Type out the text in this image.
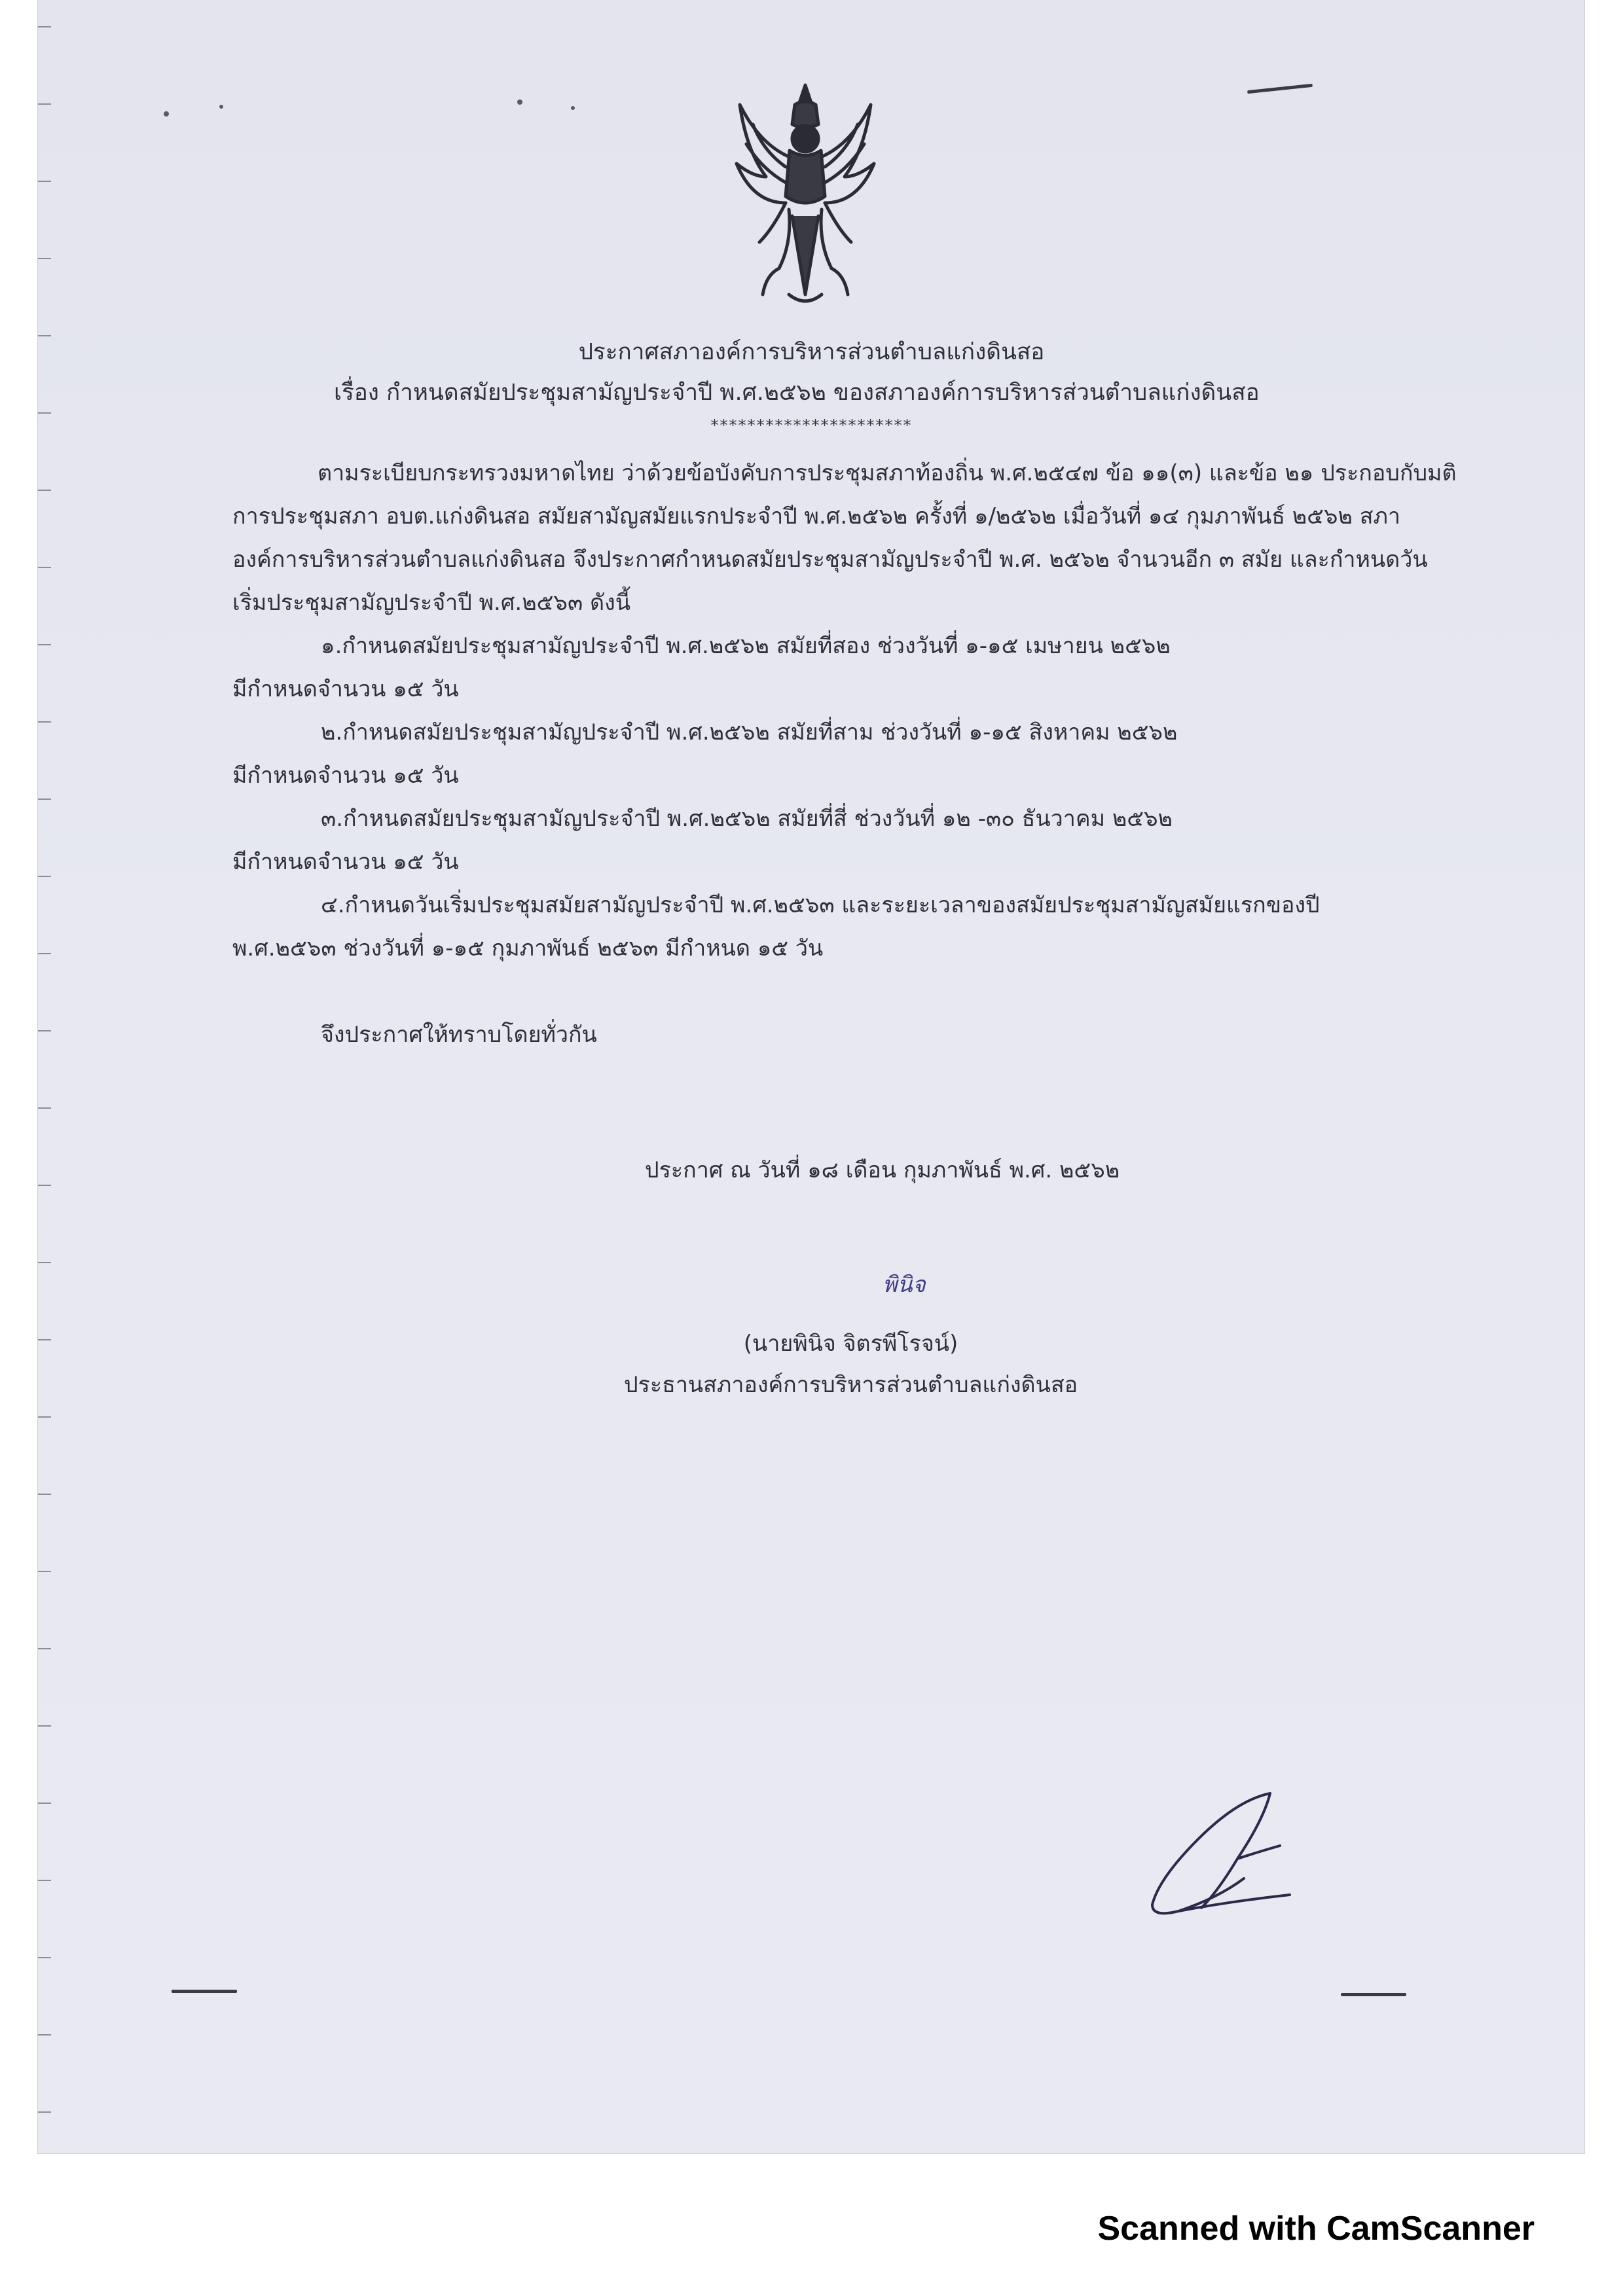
ประกาศสภาองค์การบริหารส่วนตำบลแก่งดินสอ
เรื่อง กำหนดสมัยประชุมสามัญประจำปี พ.ศ.๒๕๖๒ ของสภาองค์การบริหารส่วนตำบลแก่งดินสอ
**********************

ตามระเบียบกระทรวงมหาดไทย ว่าด้วยข้อบังคับการประชุมสภาท้องถิ่น พ.ศ.๒๕๔๗ ข้อ ๑๑(๓) และข้อ ๒๑ ประกอบกับมติการประชุมสภา อบต.แก่งดินสอ สมัยสามัญสมัยแรกประจำปี พ.ศ.๒๕๖๒ ครั้งที่ ๑/๒๕๖๒ เมื่อวันที่ ๑๔ กุมภาพันธ์ ๒๕๖๒ สภาองค์การบริหารส่วนตำบลแก่งดินสอ จึงประกาศกำหนดสมัยประชุมสามัญประจำปี พ.ศ. ๒๕๖๒ จำนวนอีก ๓ สมัย และกำหนดวันเริ่มประชุมสามัญประจำปี พ.ศ.๒๕๖๓ ดังนี้

๑.กำหนดสมัยประชุมสามัญประจำปี พ.ศ.๒๕๖๒ สมัยที่สอง ช่วงวันที่ ๑-๑๕ เมษายน ๒๕๖๒

มีกำหนดจำนวน ๑๕ วัน

๒.กำหนดสมัยประชุมสามัญประจำปี พ.ศ.๒๕๖๒ สมัยที่สาม ช่วงวันที่ ๑-๑๕ สิงหาคม ๒๕๖๒

มีกำหนดจำนวน ๑๕ วัน

๓.กำหนดสมัยประชุมสามัญประจำปี พ.ศ.๒๕๖๒ สมัยที่สี่ ช่วงวันที่ ๑๒ -๓๐ ธันวาคม ๒๕๖๒

มีกำหนดจำนวน ๑๕ วัน

๔.กำหนดวันเริ่มประชุมสมัยสามัญประจำปี พ.ศ.๒๕๖๓ และระยะเวลาของสมัยประชุมสามัญสมัยแรกของปี

พ.ศ.๒๕๖๓ ช่วงวันที่ ๑-๑๕ กุมภาพันธ์ ๒๕๖๓ มีกำหนด ๑๕ วัน

จึงประกาศให้ทราบโดยทั่วกัน

ประกาศ ณ วันที่ ๑๘ เดือน กุมภาพันธ์ พ.ศ. ๒๕๖๒
พินิจ
(นายพินิจ จิตรพีโรจน์)
ประธานสภาองค์การบริหารส่วนตำบลแก่งดินสอ
Scanned with CamScanner
